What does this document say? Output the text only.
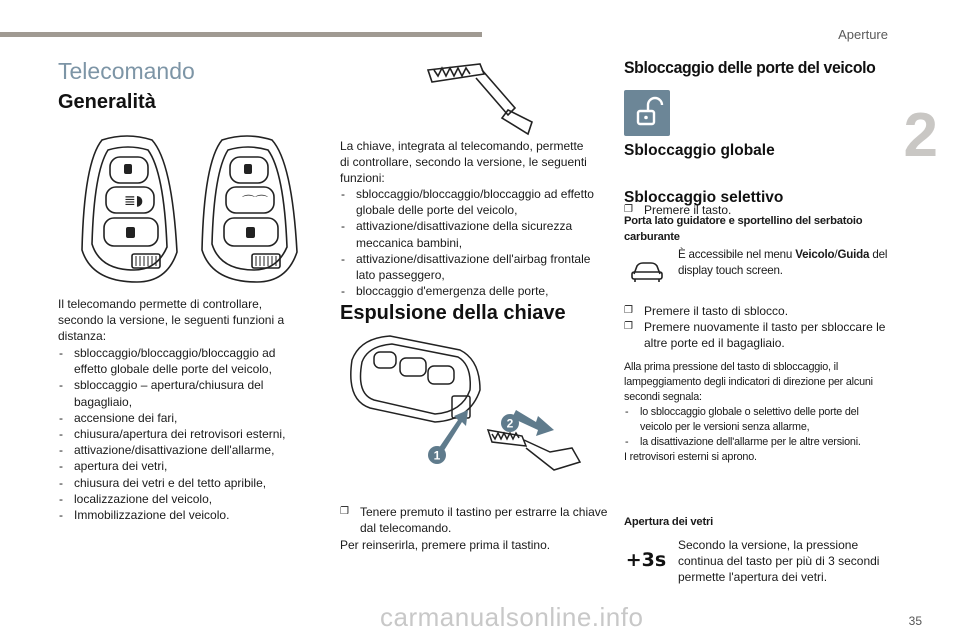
Aperture
2
35
carmanualsonline.info
Telecomando
Generalità
≣◗	⌒⌒

Il telecomando permette di controllare, secondo la versione, le seguenti funzioni a distanza:

- sbloccaggio/bloccaggio/bloccaggio ad effetto globale delle porte del veicolo,
- sbloccaggio – apertura/chiusura del bagagliaio,
- accensione dei fari,
- chiusura/apertura dei retrovisori esterni,
- attivazione/disattivazione dell'allarme,
- apertura dei vetri,
- chiusura dei vetri e del tetto apribile,
- localizzazione del veicolo,
- Immobilizzazione del veicolo.

La chiave, integrata al telecomando, permette di controllare, secondo la versione, le seguenti funzioni:

- sbloccaggio/bloccaggio/bloccaggio ad effetto globale delle porte del veicolo,
- attivazione/disattivazione della sicurezza meccanica bambini,
- attivazione/disattivazione dell'airbag frontale lato passeggero,
- bloccaggio d'emergenza delle porte,
Espulsione della chiave
1
2
❐ Tenere premuto il tastino per estrarre la chiave dal telecomando.

Per reinserirla, premere prima il tastino.

Sbloccaggio delle porte del veicolo
Sbloccaggio globale
❐ Premere il tasto.
Sbloccaggio selettivo
Porta lato guidatore e sportellino del serbatoio carburante
È accessibile nel menu Veicolo/Guida del display touch screen.
❐ Premere il tasto di sblocco.
❐ Premere nuovamente il tasto per sbloccare le altre porte ed il bagagliaio.
Alla prima pressione del tasto di sbloccaggio, il lampeggiamento degli indicatori di direzione per alcuni secondi segnala:
- lo sbloccaggio globale o selettivo delle porte del veicolo per le versioni senza allarme,
- la disattivazione dell'allarme per le altre versioni.
I retrovisori esterni si aprono.
Apertura dei vetri
+3s
Secondo la versione, la pressione continua del tasto per più di 3 secondi permette l'apertura dei vetri.
